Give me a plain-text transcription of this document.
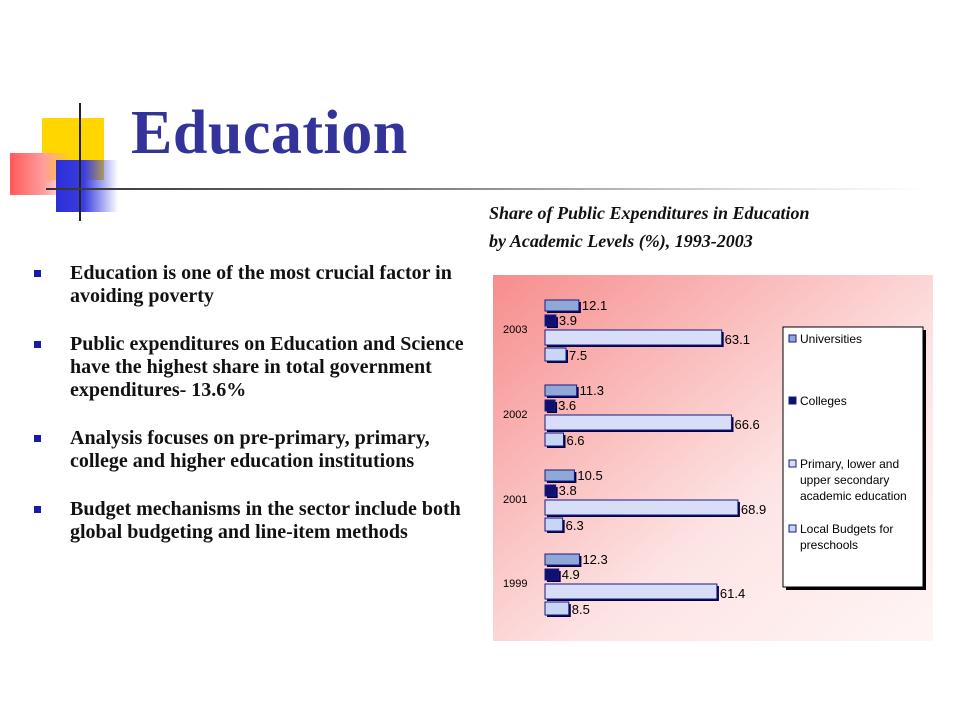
Education
Share of Public Expenditures in Education
by Academic Levels (%), 1993-2003
Education is one of the most crucial factor in avoiding poverty
Public expenditures on Education and Science have the highest share in total government expenditures- 13.6%
Analysis focuses on pre-primary, primary, college and higher education institutions
Budget mechanisms in the sector include both global budgeting and line-item methods
12.1
3.9
63.1
7.5
2003
11.3
3.6
66.6
6.6
2002
10.5
3.8
68.9
6.3
2001
12.3
4.9
61.4
8.5
1999
Universities
Colleges
Primary, lower and
upper secondary
academic education
Local Budgets for
preschools
